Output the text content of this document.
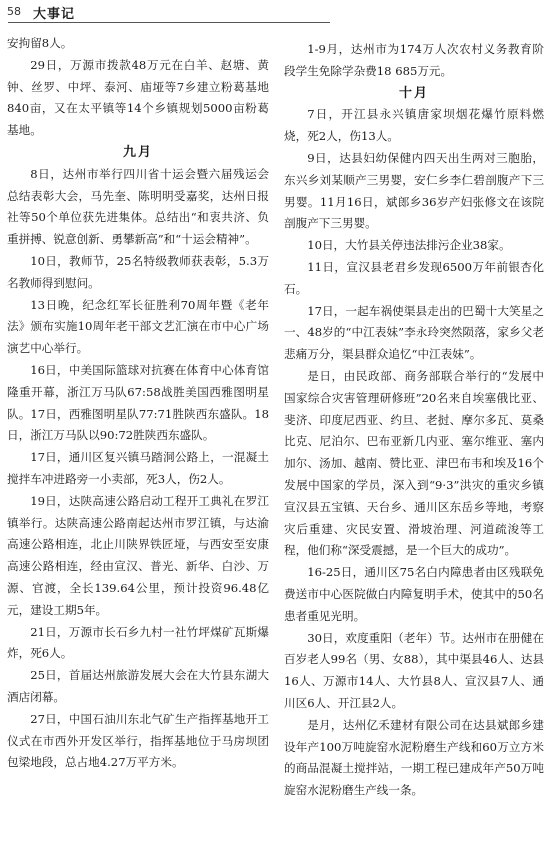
58 大事记

安拘留8人。

29日，万源市拨款48万元在白羊、赵塘、黄钟、丝罗、中坪、泰河、庙垭等7乡建立粉葛基地840亩，又在太平镇等14个乡镇规划5000亩粉葛基地。

九月

8日，达州市举行四川省十运会暨六届残运会总结表彰大会，马先奎、陈明明受嘉奖，达州日报社等50个单位获先进集体。总结出“和衷共济、负重拼搏、锐意创新、勇攀新高”和“十运会精神”。

10日，教师节，25名特级教师获表彰，5.3万名教师得到慰问。

13日晚，纪念红军长征胜利70周年暨《老年法》颁布实施10周年老干部文艺汇演在市中心广场演艺中心举行。

16日，中美国际篮球对抗赛在体育中心体育馆隆重开幕，浙江万马队67:58战胜美国西雅图明星队。17日，西雅图明星队77:71胜陕西东盛队。18日，浙江万马队以90:72胜陕西东盛队。

17日，通川区复兴镇马踏洞公路上，一混凝土搅拌车冲进路旁一小卖部，死3人，伤2人。

19日，达陕高速公路启动工程开工典礼在罗江镇举行。达陕高速公路南起达州市罗江镇，与达渝高速公路相连，北止川陕界铁匠垭，与西安至安康高速公路相连，经由宣汉、普光、新华、白沙、万源、官渡，全长139.64公里，预计投资96.48亿元，建设工期5年。

21日，万源市长石乡九村一社竹坪煤矿瓦斯爆炸，死6人。

25日，首届达州旅游发展大会在大竹县东湖大酒店闭幕。

27日，中国石油川东北气矿生产指挥基地开工仪式在市西外开发区举行，指挥基地位于马房坝团包梁地段，总占地4.27万平方米。

1-9月，达州市为174万人次农村义务教育阶段学生免除学杂费18 685万元。

十月

7日，开江县永兴镇唐家坝烟花爆竹原料燃烧，死2人，伤13人。

9日，达县妇幼保健内四天出生两对三胞胎，东兴乡刘某顺产三男婴，安仁乡李仁碧剖腹产下三男婴。11月16日，斌郎乡36岁产妇张修文在该院剖腹产下三男婴。

10日，大竹县关停违法排污企业38家。

11日，宣汉县老君乡发现6500万年前银杏化石。

17日，一起车祸使渠县走出的巴蜀十大笑星之一、48岁的“中江表妹”李永玲突然陨落，家乡父老悲痛万分，渠县群众追忆“中江表妹”。

是日，由民政部、商务部联合举行的“发展中国家综合灾害管理研修班”20名来自埃塞俄比亚、斐济、印度尼西亚、约旦、老挝、摩尔多瓦、莫桑比克、尼泊尔、巴布亚新几内亚、塞尔维亚、塞内加尔、汤加、越南、赞比亚、津巴布韦和埃及16个发展中国家的学员，深入到“9·3”洪灾的重灾乡镇宣汉县五宝镇、天台乡、通川区东岳乡等地，考察灾后重建、灾民安置、滑坡治理、河道疏浚等工程，他们称“深受震撼，是一个巨大的成功”。

16-25日，通川区75名白内障患者由区残联免费送市中心医院做白内障复明手术，使其中的50名患者重见光明。

30日，欢度重阳（老年）节。达州市在册健在百岁老人99名（男、女88），其中渠县46人、达县16人、万源市14人、大竹县8人、宣汉县7人、通川区6人、开江县2人。

是月，达州亿禾建材有限公司在达县斌郎乡建设年产100万吨旋窑水泥粉磨生产线和60万立方米的商品混凝土搅拌站，一期工程已建成年产50万吨旋窑水泥粉磨生产线一条。
